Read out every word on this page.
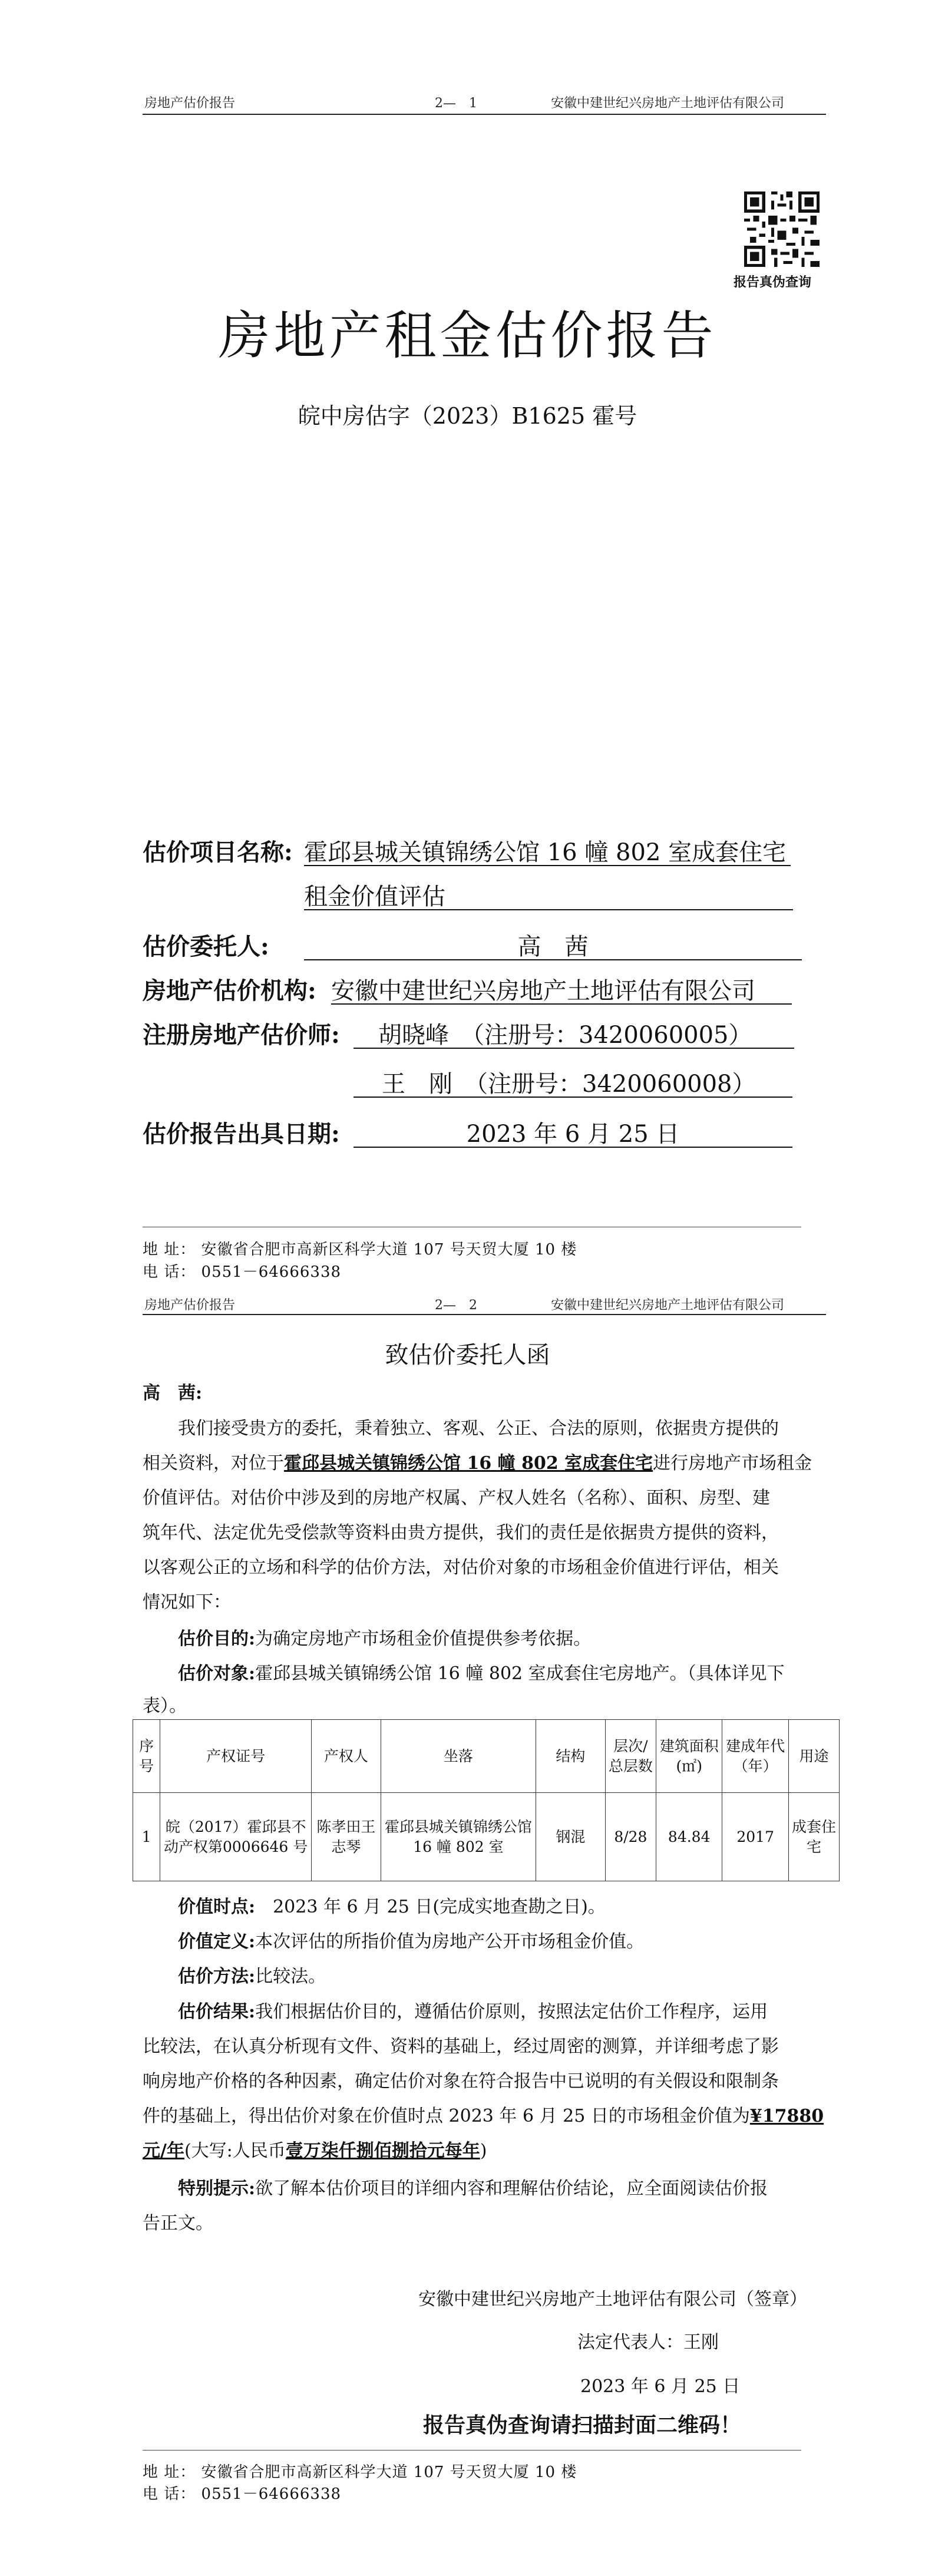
房地产估价报告	2—　1	安徽中建世纪兴房地产土地评估有限公司
报告真伪查询
房地产租金估价报告
皖中房估字（2023）B1625 霍号
估价项目名称: 霍邱县城关镇锦绣公馆 16 幢 802 室成套住宅
租金价值评估
估价委托人:	高　茜
房地产估价机构: 安徽中建世纪兴房地产土地评估有限公司
注册房地产估价师: 胡晓峰　（注册号：3420060005）
王　刚　（注册号：3420060008）
估价报告出具日期:	2023 年 6 月 25 日
地 址： 安徽省合肥市高新区科学大道 107 号天贸大厦 10 楼
电 话： 0551－64666338
房地产估价报告	2—　2	安徽中建世纪兴房地产土地评估有限公司
致估价委托人函
高　茜:
我们接受贵方的委托，秉着独立、客观、公正、合法的原则，依据贵方提供的
相关资料，对位于霍邱县城关镇锦绣公馆 16 幢 802 室成套住宅进行房地产市场租金
价值评估。对估价中涉及到的房地产权属、产权人姓名（名称）、面积、房型、建
筑年代、法定优先受偿款等资料由贵方提供，我们的责任是依据贵方提供的资料，
以客观公正的立场和科学的估价方法，对估价对象的市场租金价值进行评估，相关
情况如下：
估价目的:为确定房地产市场租金价值提供参考依据。
估价对象:霍邱县城关镇锦绣公馆 16 幢 802 室成套住宅房地产。（具体详见下
表）。
序号	产权证号	产权人	坐落	结构	层次/总层数	建筑面积(㎡)	建成年代（年）	用途
1	皖（2017）霍邱县不动产权第0006646 号	陈孝田王志琴	霍邱县城关镇锦绣公馆 16 幢 802 室	钢混	8/28	84.84	2017	成套住宅
价值时点:　 2023 年 6 月 25 日(完成实地查勘之日)。
价值定义:本次评估的所指价值为房地产公开市场租金价值。
估价方法:比较法。
估价结果:我们根据估价目的，遵循估价原则，按照法定估价工作程序，运用
比较法，在认真分析现有文件、资料的基础上，经过周密的测算，并详细考虑了影
响房地产价格的各种因素，确定估价对象在符合报告中已说明的有关假设和限制条
件的基础上，得出估价对象在价值时点 2023 年 6 月 25 日的市场租金价值为¥17880
元/年(大写:人民币壹万柒仟捌佰捌拾元每年)
特别提示:欲了解本估价项目的详细内容和理解估价结论，应全面阅读估价报
告正文。
安徽中建世纪兴房地产土地评估有限公司（签章）
法定代表人：王刚
2023 年 6 月 25 日
报告真伪查询请扫描封面二维码！
地 址： 安徽省合肥市高新区科学大道 107 号天贸大厦 10 楼
电 话： 0551－64666338
